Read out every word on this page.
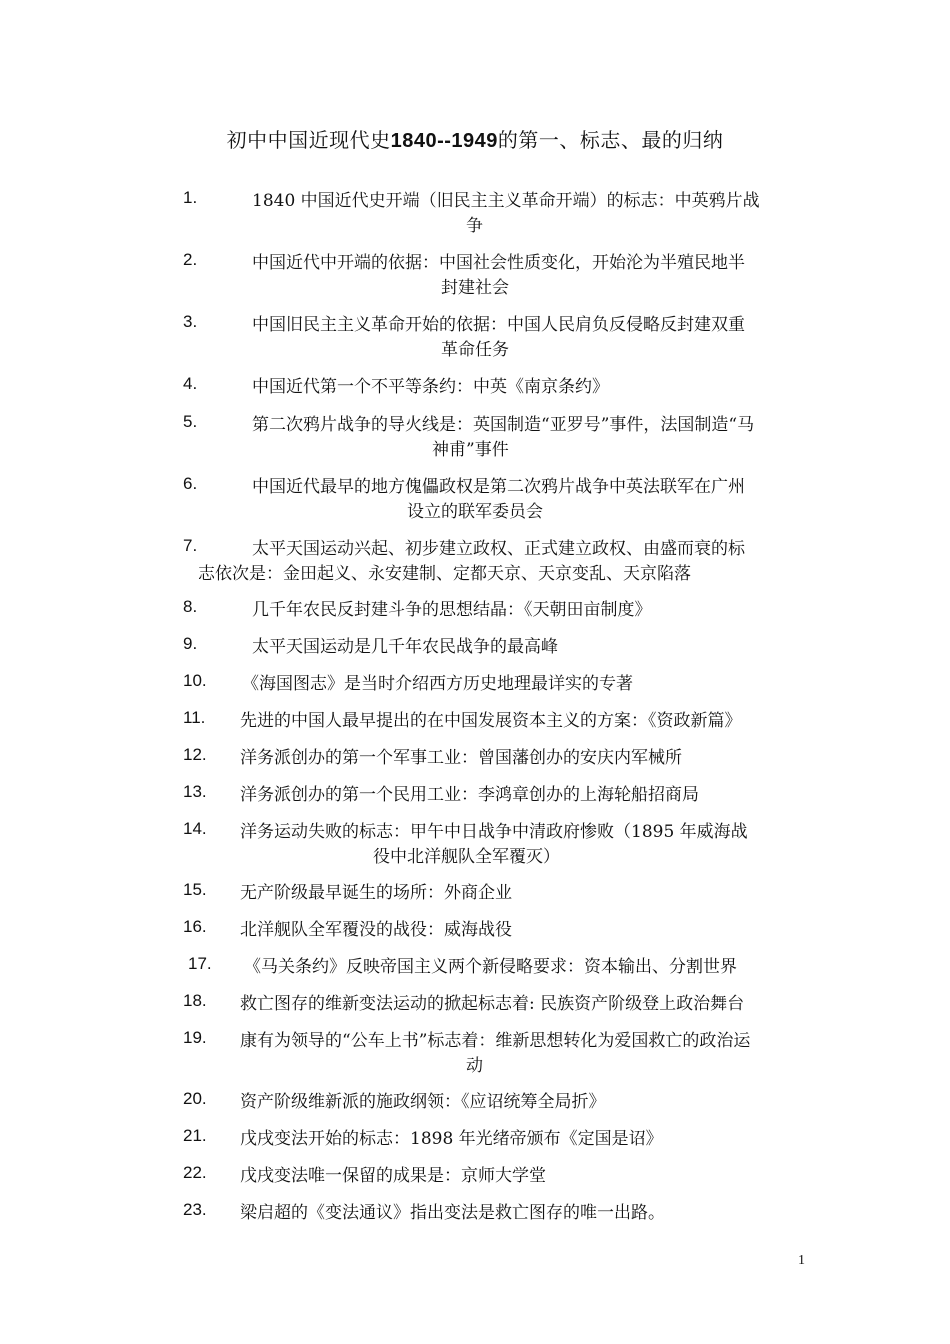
初中中国近现代史1840--1949的第一、标志、最的归纳
1.	1840 中国近代史开端（旧民主主义革命开端）的标志：中英鸦片战
争
2.	中国近代中开端的依据：中国社会性质变化，开始沦为半殖民地半
封建社会
3.	中国旧民主主义革命开始的依据：中国人民肩负反侵略反封建双重
革命任务
4.	中国近代第一个不平等条约：中英《南京条约》
5.	第二次鸦片战争的导火线是：英国制造“亚罗号”事件，法国制造“马
神甫”事件
6.	中国近代最早的地方傀儡政权是第二次鸦片战争中英法联军在广州
设立的联军委员会
7.	太平天国运动兴起、初步建立政权、正式建立政权、由盛而衰的标
志依次是：金田起义、永安建制、定都天京、天京变乱、天京陷落
8.	几千年农民反封建斗争的思想结晶：《天朝田亩制度》
9.	太平天国运动是几千年农民战争的最高峰
10. 《海国图志》是当时介绍西方历史地理最详实的专著
11. 先进的中国人最早提出的在中国发展资本主义的方案：《资政新篇》
12. 洋务派创办的第一个军事工业：曾国藩创办的安庆内军械所
13. 洋务派创办的第一个民用工业：李鸿章创办的上海轮船招商局
14. 洋务运动失败的标志：甲午中日战争中清政府惨败（1895 年威海战
役中北洋舰队全军覆灭）
15. 无产阶级最早诞生的场所：外商企业
16. 北洋舰队全军覆没的战役：威海战役
17. 《马关条约》反映帝国主义两个新侵略要求：资本输出、分割世界
18. 救亡图存的维新变法运动的掀起标志着: 民族资产阶级登上政治舞台
19. 康有为领导的“公车上书”标志着：维新思想转化为爱国救亡的政治运
动
20. 资产阶级维新派的施政纲领：《应诏统筹全局折》
21. 戊戌变法开始的标志：1898 年光绪帝颁布《定国是诏》
22. 戊戌变法唯一保留的成果是：京师大学堂
23. 梁启超的《变法通议》指出变法是救亡图存的唯一出路。
1
